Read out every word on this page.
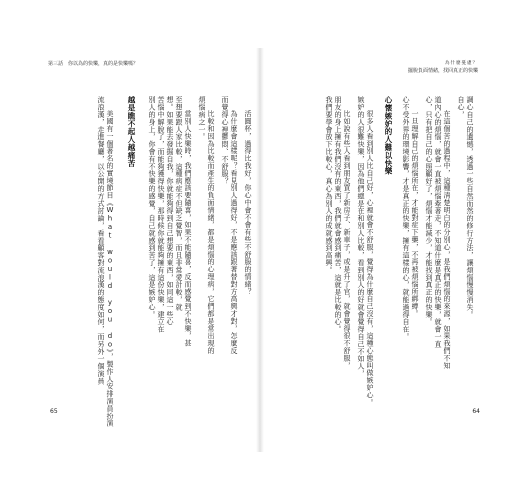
第三話　你以為的快樂，真的是快樂嗎？
65
活圓杯，過得比我好，你心中會不會有些不舒服的情緒？
為什麼會這樣呢？看見別人過得好，不是應該跟著替對方高興才對，怎麼反
而覺得心裡鬱悶、不舒服？
比較和因為比較而產生的負面情緒，都是煩惱的心理病，它們都是常出現的
煩惱病之一。
當別人快樂時，我們應該要隨喜，如果不能隨喜，反而感覺到不快樂，甚
至想要跟人家比較，這種病症不但缺乏覺智，而且非常愛計較，就
想。如果能去發掘自我，你就能夠得到自己想要的東西，如同這一些心
苦惱中解脫了，而能夠獲得快樂，那時候你就能夠擁有這份快樂，建立在
別人的身上，你會有不快樂的感覺，自己就感到苦了，這是嫉妒心。
越是瞧不起人越痛苦
美國有一個著名的實境節目《What would you do》，製作人安排演員扮演
流浪漢，走進餐廳，以公開的方式討論，看看顧客對流浪漢的態度如何，而另外一個演員
為什麼憂慮？
擺脫負面情緒，找回真正的快樂
64
調心自己的遺憾，透過一些自然而然的修行方法，讓煩惱慢慢消失。
自心，
在這個苦的過程中，這種清楚明白的分別心，是我們煩惱的來源，如果我們不知
道內心的煩惱，就會一直被煩惱牽著走，不知道什麼是真正的快樂，就會一直
心，只有把自己的心照顧好了，煩惱才能減少，才能找到真正的快樂。
一旦理解自己的煩惱所在，才能對症下藥，不再被煩惱所綁縛。
心不受外界的環境影響，才是真正的快樂，擁有這樣的心，就能過得自在。
心懷嫉妒的人難以快樂
很多人看到別人比自己好，心裡就會不舒服，覺得為什麼自己沒有，這種心態叫做嫉妒心。
嫉妒的人很難快樂，因為他們總是在和別人比較，看到別人的好就會覺得自己不如人，
比如說有些人看到朋友買了新房子、新車子，或是升了官，就會覺得很不舒服，
朋友的身上擁有我們沒有的東西，我們就會感到痛苦，這就是比較的心。
我們要學會放下比較心，真心為別人的成就感到高興。
